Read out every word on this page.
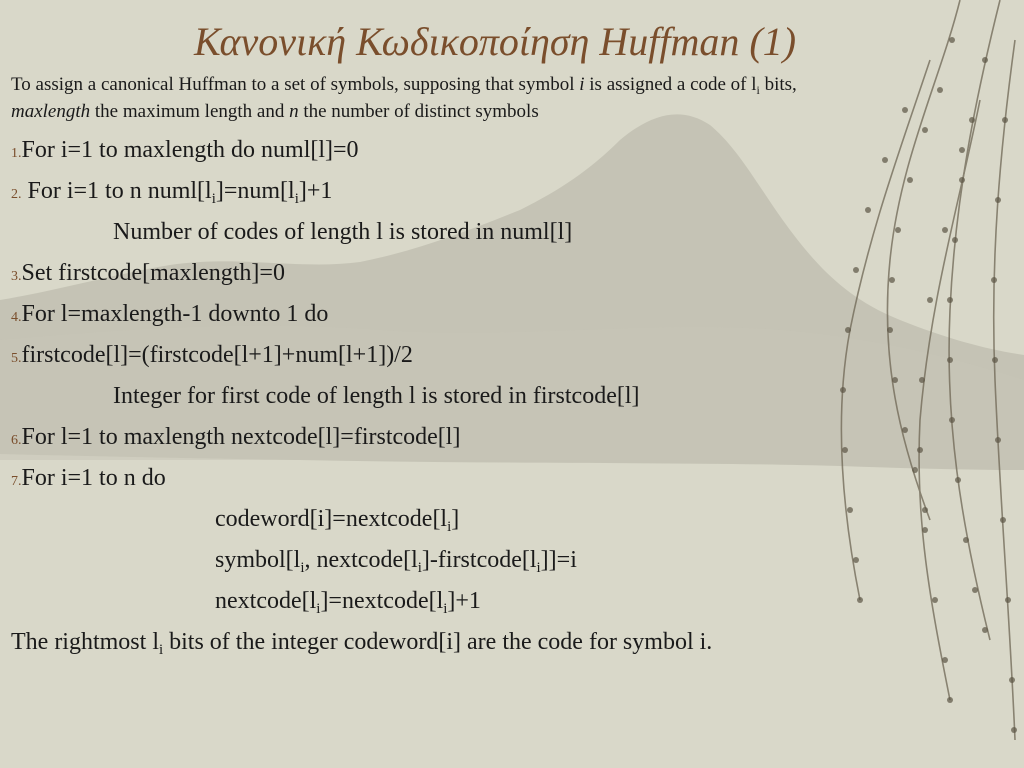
Κανονική Κωδικοποίηση Huffman (1)
To assign a canonical Huffman to a set of symbols, supposing that symbol i is assigned a code of $l_i$ bits,
maxlength the maximum length and n the number of distinct symbols
1.For i=1 to maxlength do numl[l]=0
2. For i=1 to n $numl[l_i]=num[l_i]+1$
Number of codes of length l is stored in numl[l]
3.Set firstcode[maxlength]=0
4.For l=maxlength-1 downto 1 do
5.firstcode[l]=(firstcode[l+1]+num[l+1])/2
Integer for first code of length l is stored in firstcode[l]
6.For l=1 to maxlength nextcode[l]=firstcode[l]
7.For i=1 to n do
$codeword[i]=nextcode[l_i]$
$symbol[l_i$, $nextcode[l_i]-firstcode[l_i]]=i$
$nextcode[l_i]=nextcode[l_i]+1$
The rightmost $l_i$ bits of the integer codeword[i] are the code for symbol i.
